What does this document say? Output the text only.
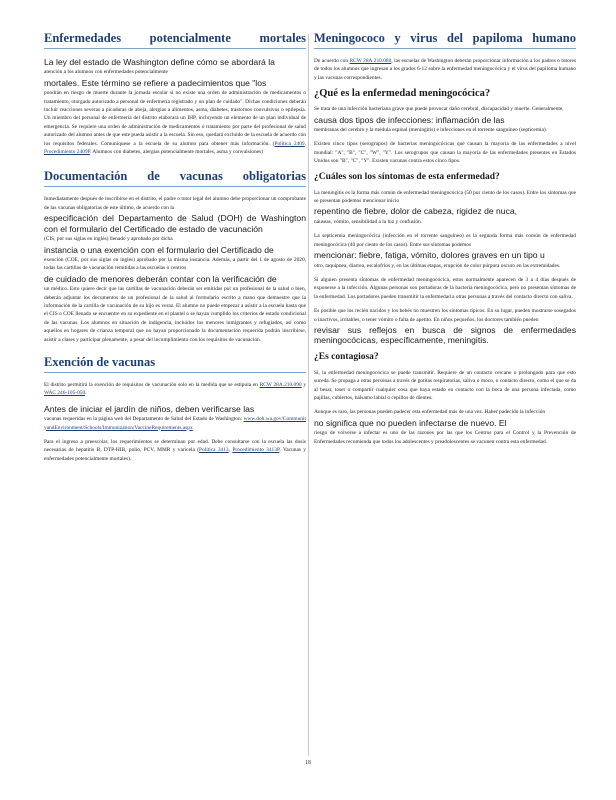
Enfermedades potencialmente mortales

La ley del estado de Washington define cómo se abordará la

atención a los alumnos con enfermedades potencialmente

mortales. Este término se refiere a padecimientos que "los

pondrán en riesgo de muerte durante la jornada escolar si no existe una orden de administración de medicamentos o tratamiento, otorgado autorizado a personal de enfermería registrado y un plan de cuidado". Dichas condiciones deberán incluir reacciones severas a picaduras de abeja, alergias a alimentos, asma, diabetes, trastornos convulsivos o epilepsia. Un miembro del personal de enfermería del distrito elaborará un IHP, incluyendo un elemento de un plan individual de emergencia. Se requiere una orden de administración de medicamentos o tratamiento por parte del profesional de salud autorizado del alumno antes de que este pueda asistir a la escuela. Sin eso, quedará excluido de la escuela de acuerdo con los requisitos federales. Comuníquese a la escuela de su alumno para obtener más información. (Política 2409, Procedimiento 2409P. Alumnos con diabetes, alergias potencialmente mortales, asma y convulsiones)

Documentación de vacunas obligatorias

Inmediatamente después de inscribirse en el distrito, el padre o tutor legal del alumno debe proporcionar un comprobante de las vacunas obligatorias de este último, de acuerdo con la

especificación del Departamento de Salud (DOH) de Washington con el formulario del Certificado de estado de vacunación

(CIS, por sus siglas en inglés) llenado y aprobado por dicha

instancia o una exención con el formulario del Certificado de

exención (COE, por sus siglas en inglés) aprobado por la misma instancia. Además, a partir del 1 de agosto de 2020, todas las cartillas de vacunación remitidas a las escuelas o centros

de cuidado de menores deberán contar con la verificación de

un médico. Esto quiere decir que las cartillas de vacunación deberán ser emitidas por un profesional de la salud o bien, deberán adjuntar los documentos de un profesional de la salud al formulario escrito a mano que demuestre que la información de la cartilla de vacunación de su hijo es veraz. El alumno no puede empezar a asistir a la escuela hasta que el CIS o COE llenado se encuentre en su expediente en el plantel o se hayan cumplido los criterios de estado condicional de las vacunas. Los alumnos en situación de indigencia, incluidos los menores inmigrantes y refugiados, así como aquellos en hogares de crianza temporal que no hayan proporcionado la documentación requerida podrán inscribirse, asistir a clases y participar plenamente, a pesar del incumplimiento con los requisitos de vacunación.

Exención de vacunas

El distrito permitirá la exención de requisitos de vacunación solo en la medida que se estipula en RCW 28A.210.090 y WAC 246-105-050.

Antes de iniciar el jardín de niños, deben verificarse las

vacunas requeridas en la página web del Departamento de Salud del Estado de Washington: www.doh.wa.gov/CommunityandEnvironment/Schools/Immunization/VaccineRequirements.aspx

Para el ingreso a preescolar, los requerimientos se determinan por edad. Debe consultarse con la escuela las dosis necesarias de hepatitis B, DTP-HIB, polio, PCV, MMR y varicela (Política 3413, Procedimiento 3413P. Vacunas y enfermedades potencialmente mortales).

Meningococo y virus del papiloma humano

De acuerdo con RCW 28A.210.080, las escuelas de Washington deberán proporcionar información a los padres o tutores de todos los alumnos que ingresan a los grados 6-12 sobre la enfermedad meningocócica y el virus del papiloma humano y las vacunas correspondientes.

¿Qué es la enfermedad meningocócica?

Se trata de una infección bacteriana grave que puede provocar daño cerebral, discapacidad y muerte. Generalmente,

causa dos tipos de infecciones: inflamación de las

membranas del cerebro y la médula espinal (meningitis) e infecciones en el torrente sanguíneo (septicemia).

Existen cinco tipos (serogrupos) de bacterias meningocócicas que causan la mayoría de las enfermedades a nivel mundial: "A", "B", "C", "W", "Y". Los serogrupos que causan la mayoría de las enfermedades presentes en Estados Unidos son "B", "C", "Y". Existen vacunas contra estos cinco tipos.

¿Cuáles son los síntomas de esta enfermedad?

La meningitis es la forma más común de enfermedad meningocócica (50 por ciento de los casos). Entre los síntomas que se presentan podemos mencionar inicio

repentino de fiebre, dolor de cabeza, rigidez de nuca,

náuseas, vómito, sensibilidad a la luz y confusión.

La septicemia meningocócica (infección en el torrente sanguíneo) es la segunda forma más común de enfermedad meningocócica (40 por ciento de los casos). Entre sus síntomas podemos

mencionar: fiebre, fatiga, vómito, dolores graves en un tipo u

otro, taquipnea, diarrea, escalofríos y, en las últimas etapas, erupción de color púrpura oscuro en las extremidades.

Si alguien presenta síntomas de enfermedad meningocócica, estos normalmente aparecen de 3 a 4 días después de exponerse a la infección. Algunas personas son portadoras de la bacteria meningocócica, pero no presentan síntomas de la enfermedad. Los portadores pueden transmitir la enfermedad a otras personas a través del contacto directo con saliva.

Es posible que los recién nacidos y los bebés no muestren los síntomas típicos. En su lugar, pueden mostrarse sosegados o inactivos, irritables, o tener vómito o falta de apetito. En niños pequeños, los doctores también pueden

revisar sus reflejos en busca de signos de enfermedades meningocócicas, específicamente, meningitis.

¿Es contagiosa?

Sí, la enfermedad meningocócica se puede transmitir. Requiere de un contacto cercano o prolongado para que esto suceda. Se propaga a otras personas a través de gotitas respiratorias, saliva o moco, o contacto directo, como el que se da al besar, toser o compartir cualquier cosa que haya estado en contacto con la boca de una persona infectada, como pajillas, cubiertos, bálsamo labial o cepillos de dientes.

Aunque es raro, las personas pueden padecer esta enfermedad más de una vez. Haber padecido la infección

no significa que no pueden infectarse de nuevo. El

riesgo de volverse a infectar es uno de las razones por las que los Centros para el Control y la Prevención de Enfermedades recomienda que todos los adolescentes y preadolescentes se vacunen contra esta enfermedad.

18
